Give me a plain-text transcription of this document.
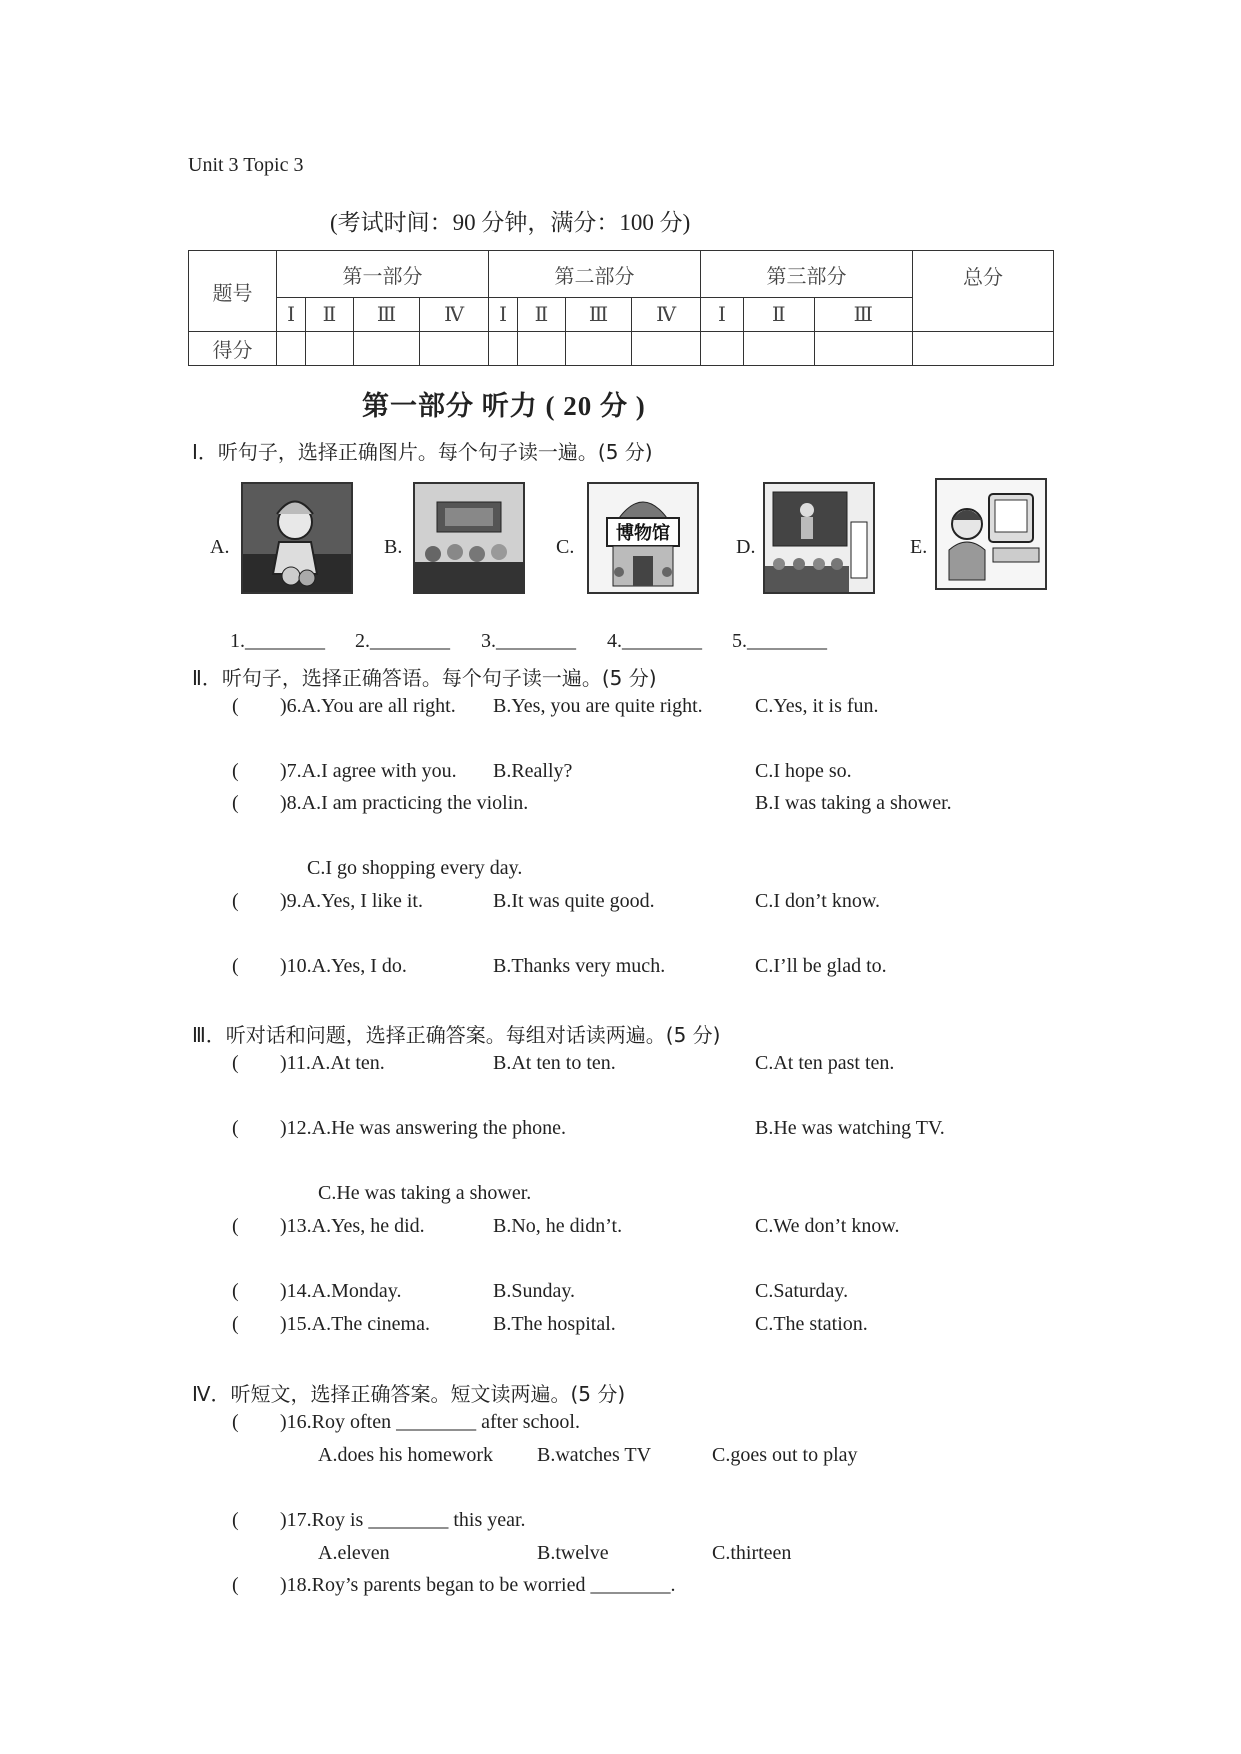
Unit 3 Topic 3
(考试时间：90 分钟，满分：100 分)
题号	第一部分				第二部分				第三部分			总分
	Ⅰ	Ⅱ	Ⅲ	Ⅳ	Ⅰ	Ⅱ	Ⅲ	Ⅳ	Ⅰ	Ⅱ	Ⅲ	
得分												
第一部分 听力 ( 20 分 )
Ⅰ．听句子，选择正确图片。每个句子读一遍。(5 分)
A.	B.	C.
博物馆
D.	E.
1.________ 2.________ 3.________ 4.________ 5.________
Ⅱ．听句子，选择正确答语。每个句子读一遍。(5 分)
( )6.A.You are all right. B.Yes, you are quite right.	C.Yes, it is fun.
( )7.A.I agree with you. B.Really?	C.I hope so.
( )8.A.I am practicing the violin.	B.I was taking a shower.
C.I go shopping every day.
( )9.A.Yes, I like it.	B.It was quite good.	C.I don’t know.
( )10.A.Yes, I do.	B.Thanks very much.	C.I’ll be glad to.
Ⅲ．听对话和问题，选择正确答案。每组对话读两遍。(5 分)
( )11.A.At ten.	B.At ten to ten.	C.At ten past ten.
( )12.A.He was answering the phone.	B.He was watching TV.
C.He was taking a shower.
( )13.A.Yes, he did.	B.No, he didn’t.	C.We don’t know.
( )14.A.Monday.	B.Sunday.	C.Saturday.
( )15.A.The cinema.	B.The hospital.	C.The station.
Ⅳ．听短文，选择正确答案。短文读两遍。(5 分)
( )16.Roy often ________ after school.
A.does his homework B.watches TV	C.goes out to play
( )17.Roy is ________ this year.
A.eleven	B.twelve	C.thirteen
( )18.Roy’s parents began to be worried ________.
